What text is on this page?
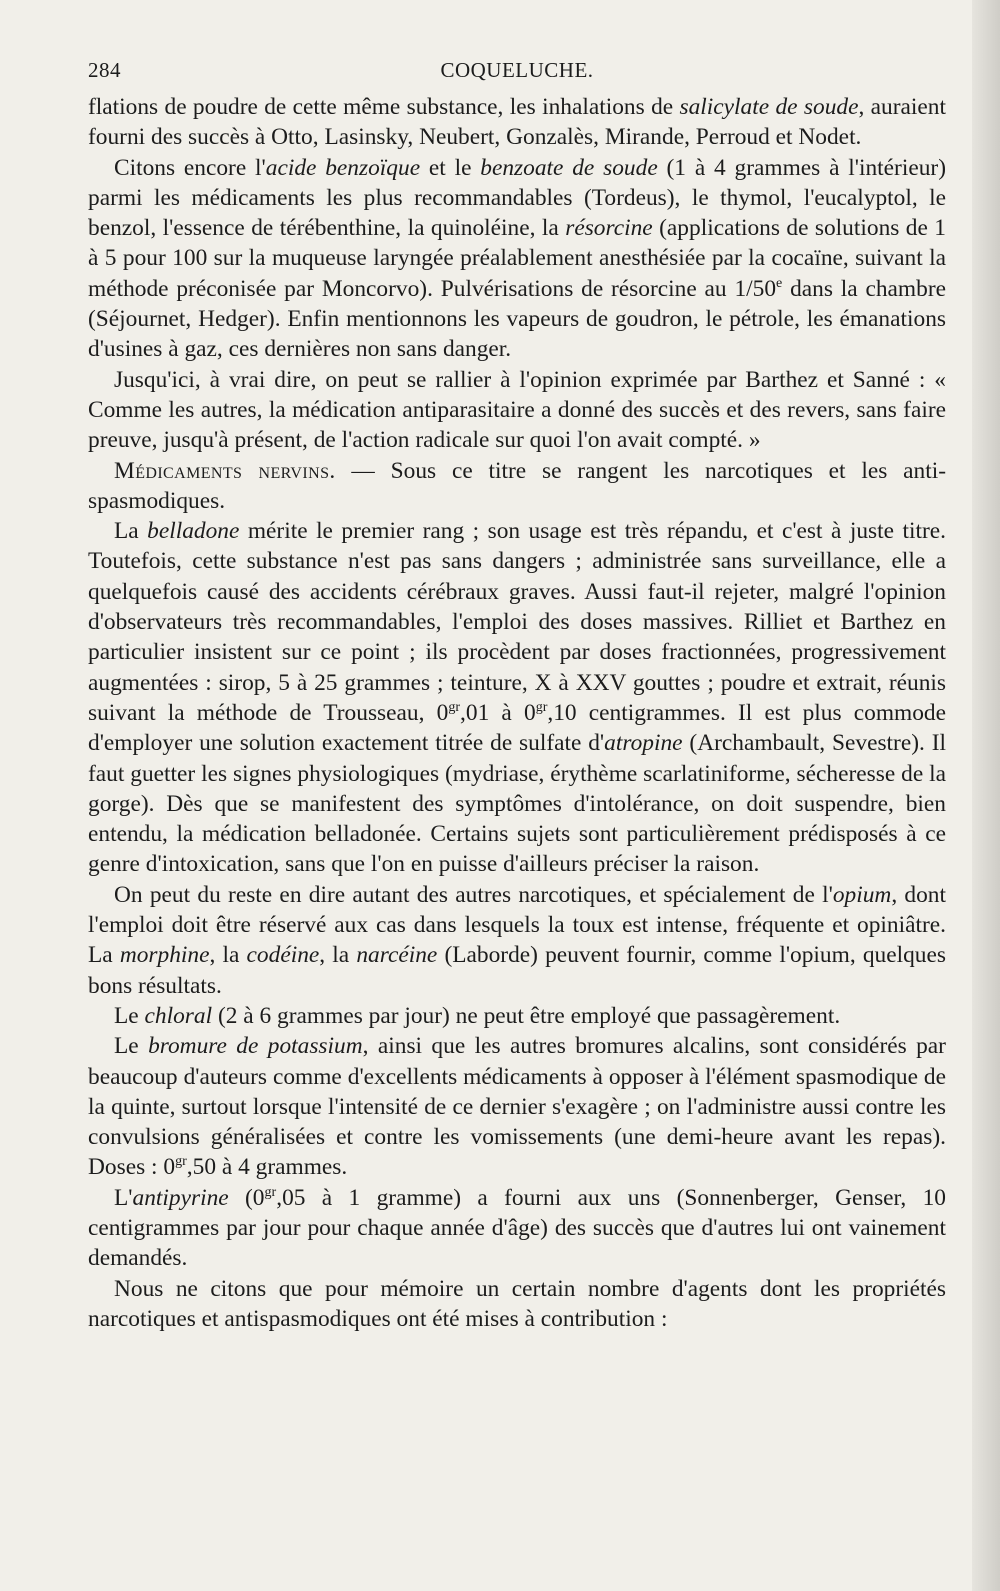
284	COQUELUCHE.

flations de poudre de cette même substance, les inhalations de salicylate de soude, auraient fourni des succès à Otto, Lasinsky, Neubert, Gonzalès, Mirande, Perroud et Nodet.

Citons encore l'acide benzoïque et le benzoate de soude (1 à 4 grammes à l'intérieur) parmi les médicaments les plus recommandables (Tordeus), le thymol, l'eucalyptol, le benzol, l'essence de térébenthine, la quinoléine, la résorcine (applications de solutions de 1 à 5 pour 100 sur la muqueuse laryngée préalablement anesthésiée par la cocaïne, suivant la méthode préconisée par Moncorvo). Pulvérisations de résorcine au 1/50e dans la chambre (Séjournet, Hedger). Enfin mentionnons les vapeurs de goudron, le pétrole, les émanations d'usines à gaz, ces dernières non sans danger.

Jusqu'ici, à vrai dire, on peut se rallier à l'opinion exprimée par Barthez et Sanné : « Comme les autres, la médication antiparasitaire a donné des succès et des revers, sans faire preuve, jusqu'à présent, de l'action radicale sur quoi l'on avait compté. »

Médicaments nervins. — Sous ce titre se rangent les narcotiques et les antispasmodiques.

La belladone mérite le premier rang ; son usage est très répandu, et c'est à juste titre. Toutefois, cette substance n'est pas sans dangers ; administrée sans surveillance, elle a quelquefois causé des accidents cérébraux graves. Aussi faut-il rejeter, malgré l'opinion d'observateurs très recommandables, l'emploi des doses massives. Rilliet et Barthez en particulier insistent sur ce point ; ils procèdent par doses fractionnées, progressivement augmentées : sirop, 5 à 25 grammes ; teinture, X à XXV gouttes ; poudre et extrait, réunis suivant la méthode de Trousseau, $0^{gr},01$ à $0^{gr},10$ centigrammes. Il est plus commode d'employer une solution exactement titrée de sulfate d'atropine (Archambault, Sevestre). Il faut guetter les signes physiologiques (mydriase, érythème scarlatiniforme, sécheresse de la gorge). Dès que se manifestent des symptômes d'intolérance, on doit suspendre, bien entendu, la médication belladonée. Certains sujets sont particulièrement prédisposés à ce genre d'intoxication, sans que l'on en puisse d'ailleurs préciser la raison.

On peut du reste en dire autant des autres narcotiques, et spécialement de l'opium, dont l'emploi doit être réservé aux cas dans lesquels la toux est intense, fréquente et opiniâtre. La morphine, la codéine, la narcéine (Laborde) peuvent fournir, comme l'opium, quelques bons résultats.

Le chloral (2 à 6 grammes par jour) ne peut être employé que passagèrement.

Le bromure de potassium, ainsi que les autres bromures alcalins, sont considérés par beaucoup d'auteurs comme d'excellents médicaments à opposer à l'élément spasmodique de la quinte, surtout lorsque l'intensité de ce dernier s'exagère ; on l'administre aussi contre les convulsions généralisées et contre les vomissements (une demi-heure avant les repas). Doses : $0^{gr},50$ à 4 grammes.

L'antipyrine ($0^{gr},05$ à 1 gramme) a fourni aux uns (Sonnenberger, Genser, 10 centigrammes par jour pour chaque année d'âge) des succès que d'autres lui ont vainement demandés.

Nous ne citons que pour mémoire un certain nombre d'agents dont les propriétés narcotiques et antispasmodiques ont été mises à contribution :
